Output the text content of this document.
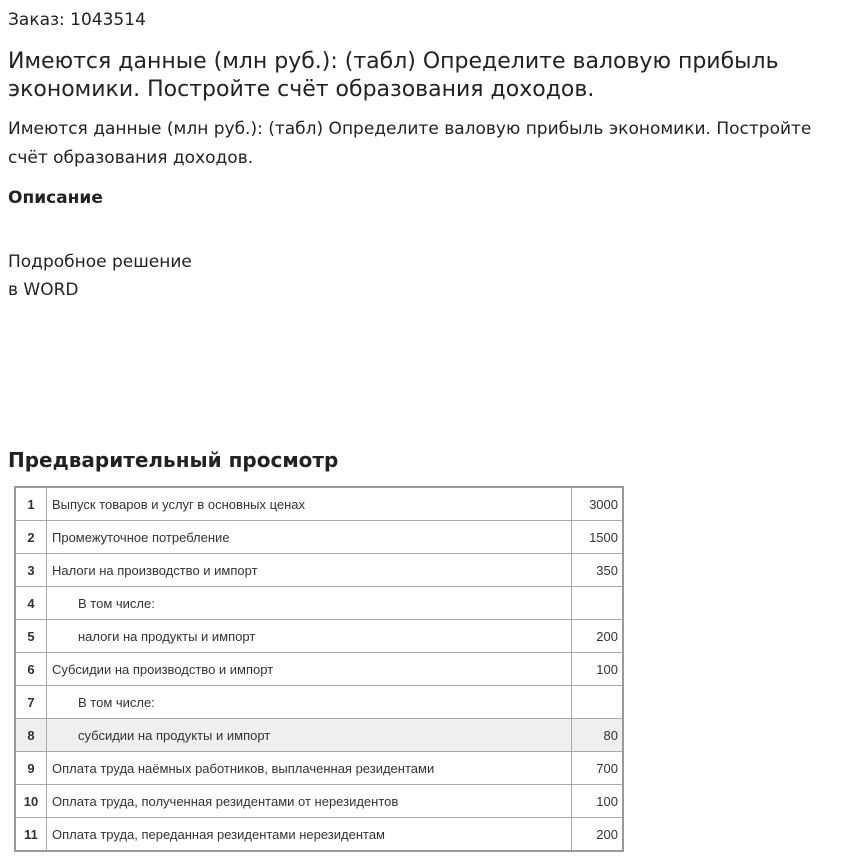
Заказ: 1043514

Имеются данные (млн руб.): (табл) Определите валовую прибыль экономики. Постройте счёт образования доходов.

Имеются данные (млн руб.): (табл) Определите валовую прибыль экономики. Постройте счёт образования доходов.

Описание
Подробное решение
в WORD
Предварительный просмотр
1	Выпуск товаров и услуг в основных ценах	3000
2	Промежуточное потребление	1500
3	Налоги на производство и импорт	350
4	В том числе:	
5	налоги на продукты и импорт	200
6	Субсидии на производство и импорт	100
7	В том числе:	
8	субсидии на продукты и импорт	80
9	Оплата труда наёмных работников, выплаченная резидентами	700
10	Оплата труда, полученная резидентами от нерезидентов	100
11	Оплата труда, переданная резидентами нерезидентам	200
